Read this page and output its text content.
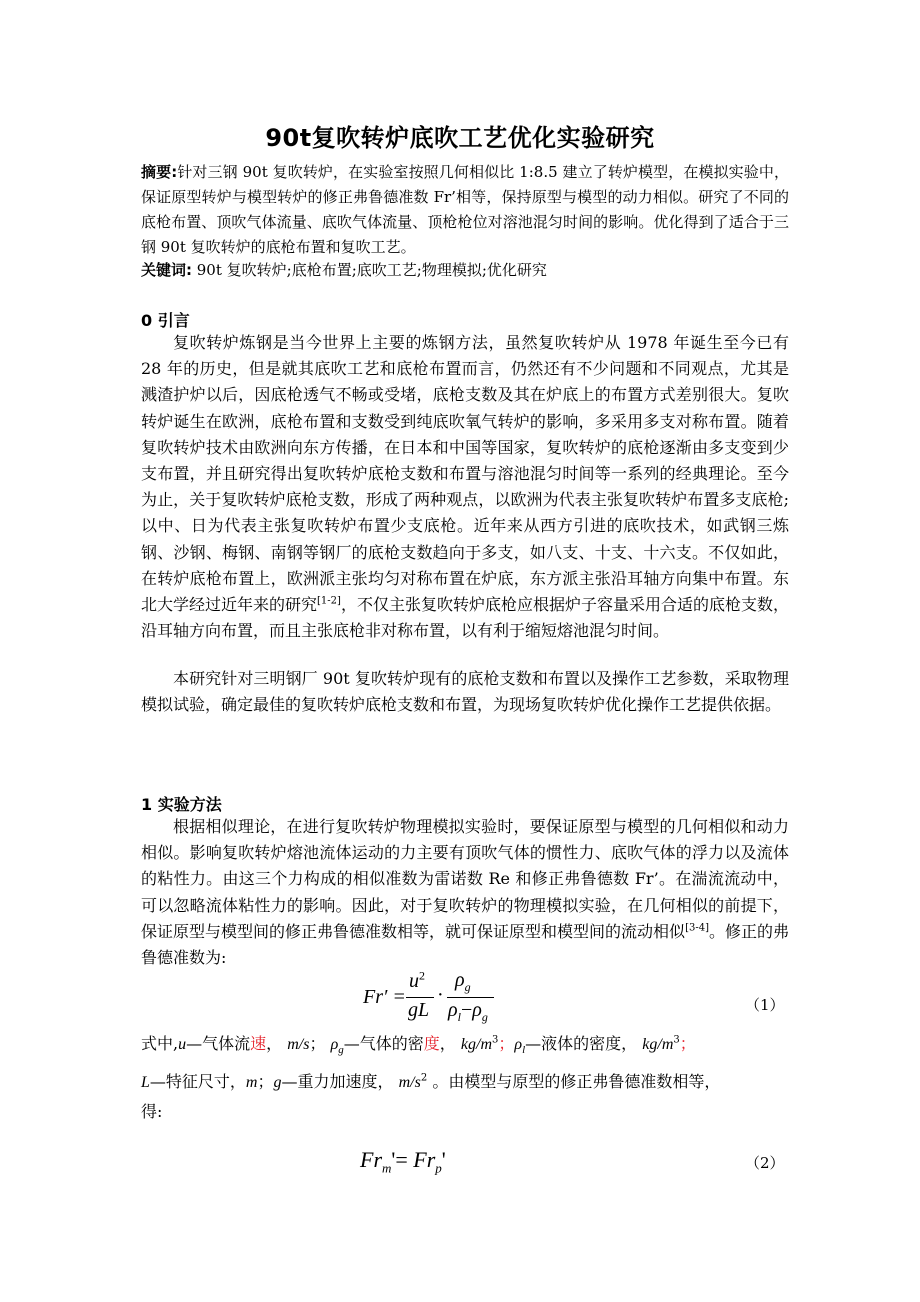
90t复吹转炉底吹工艺优化实验研究
摘要:针对三钢 90t 复吹转炉，在实验室按照几何相似比 1:8.5 建立了转炉模型，在模拟实验中，保证原型转炉与模型转炉的修正弗鲁德准数 Fr’相等，保持原型与模型的动力相似。研究了不同的底枪布置、顶吹气体流量、底吹气体流量、顶枪枪位对溶池混匀时间的影响。优化得到了适合于三钢 90t 复吹转炉的底枪布置和复吹工艺。
关键词: 90t 复吹转炉;底枪布置;底吹工艺;物理模拟;优化研究
0 引言

复吹转炉炼钢是当今世界上主要的炼钢方法，虽然复吹转炉从 1978 年诞生至今已有 28 年的历史，但是就其底吹工艺和底枪布置而言，仍然还有不少问题和不同观点，尤其是溅渣护炉以后，因底枪透气不畅或受堵，底枪支数及其在炉底上的布置方式差别很大。复吹转炉诞生在欧洲，底枪布置和支数受到纯底吹氧气转炉的影响，多采用多支对称布置。随着复吹转炉技术由欧洲向东方传播，在日本和中国等国家，复吹转炉的底枪逐渐由多支变到少支布置，并且研究得出复吹转炉底枪支数和布置与溶池混匀时间等一系列的经典理论。至今为止，关于复吹转炉底枪支数，形成了两种观点，以欧洲为代表主张复吹转炉布置多支底枪;以中、日为代表主张复吹转炉布置少支底枪。近年来从西方引进的底吹技术，如武钢三炼钢、沙钢、梅钢、南钢等钢厂的底枪支数趋向于多支，如八支、十支、十六支。不仅如此，在转炉底枪布置上，欧洲派主张均匀对称布置在炉底，东方派主张沿耳轴方向集中布置。东北大学经过近年来的研究[1-2]，不仅主张复吹转炉底枪应根据炉子容量采用合适的底枪支数，沿耳轴方向布置，而且主张底枪非对称布置，以有利于缩短熔池混匀时间。

本研究针对三明钢厂 90t 复吹转炉现有的底枪支数和布置以及操作工艺参数，采取物理模拟试验，确定最佳的复吹转炉底枪支数和布置，为现场复吹转炉优化操作工艺提供依据。

1 实验方法

根据相似理论，在进行复吹转炉物理模拟实验时，要保证原型与模型的几何相似和动力相似。影响复吹转炉熔池流体运动的力主要有顶吹气体的惯性力、底吹气体的浮力以及流体的粘性力。由这三个力构成的相似准数为雷诺数 Re 和修正弗鲁德数 Fr’。在湍流流动中，可以忽略流体粘性力的影响。因此，对于复吹转炉的物理模拟实验，在几何相似的前提下，保证原型与模型间的修正弗鲁德准数相等，就可保证原型和模型间的流动相似[3-4]。修正的弗鲁德准数为:

Fr′ =
$u^2$
gL
·
$\rho_g$
$\rho_l-\rho_g$
（1）
式中,u—气体流速， m/s； $\rho_g—$气体的密度， $kg/m^3$；$\rho_l—$液体的密度， $kg/m^3$；
L—特征尺寸，m；g—重力加速度， $m/s^2$ 。由模型与原型的修正弗鲁德准数相等，
得:
$Fr_m'= Fr_p'$	（2）
